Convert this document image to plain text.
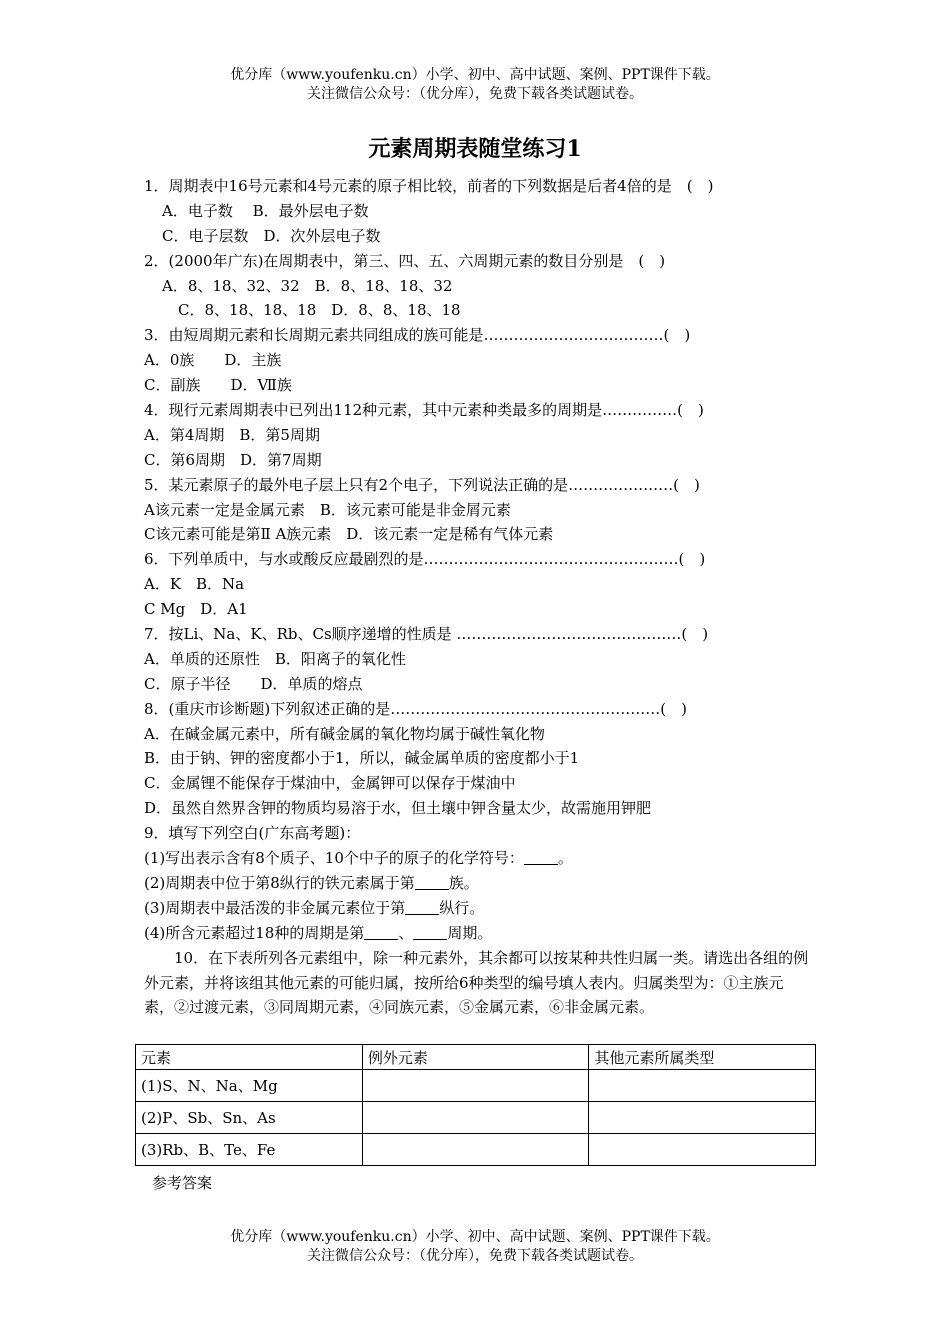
优分库（www.youfenku.cn）小学、初中、高中试题、案例、PPT课件下载。
关注微信公众号：（优分库），免费下载各类试题试卷。
元素周期表随堂练习1
1．周期表中16号元素和4号元素的原子相比较，前者的下列数据是后者4倍的是　(　)
A．电子数　 B．最外层电子数
C．电子层数　D．次外层电子数
2．(2000年广东)在周期表中，第三、四、五、六周期元素的数目分别是　(　)
A．8、18、32、32　B．8、18、18、32
C．8、18、18、18　D．8、8、18、18
3．由短周期元素和长周期元素共同组成的族可能是………………………………(　)
A．0族　　D．主族
C．副族　　D．Ⅶ族
4．现行元素周期表中已列出112种元素，其中元素种类最多的周期是……………(　)
A．第4周期　B．第5周期
C．第6周期　D．第7周期
5．某元素原子的最外电子层上只有2个电子，下列说法正确的是…………………(　)
A该元素一定是金属元素　B．该元素可能是非金屑元素
C该元素可能是第Ⅱ A族元素　D．该元素一定是稀有气体元素
6．下列单质中，与水或酸反应最剧烈的是……………………………………………(　)
A．K　B．Na
C Mg　D．A1
7．按Li、Na、K、Rb、Cs顺序递增的性质是 ………………………………………(　)
A．单质的还原性　B．阳离子的氧化性
C．原子半径　　D．单质的熔点
8．(重庆市诊断题)下列叙述正确的是………………………………………………(　)
A．在碱金属元素中，所有碱金属的氧化物均属于碱性氧化物
B．由于钠、钾的密度都小于1，所以，碱金属单质的密度都小于1
C．金属锂不能保存于煤油中，金属钾可以保存于煤油中
D．虽然自然界含钾的物质均易溶于水，但土壤中钾含量太少，故需施用钾肥
9．填写下列空白(广东高考题)：
(1)写出表示含有8个质子、10个中子的原子的化学符号： 。
(2)周期表中位于第8纵行的铁元素属于第 族。
(3)周期表中最活泼的非金属元素位于第 纵行。
(4)所含元素超过18种的周期是第 、 周期。

10．在下表所列各元素组中，除一种元素外，其余都可以按某种共性归属一类。请选出各组的例外元素，并将该组其他元素的可能归属，按所给6种类型的编号填人表内。归属类型为：①主族元素，②过渡元素，③同周期元素，④同族元素，⑤金属元素，⑥非金属元素。

元素	例外元素	其他元素所属类型
(1)S、N、Na、Mg		
(2)P、Sb、Sn、As		
(3)Rb、B、Te、Fe		
参考答案
优分库（www.youfenku.cn）小学、初中、高中试题、案例、PPT课件下载。
关注微信公众号：（优分库），免费下载各类试题试卷。
